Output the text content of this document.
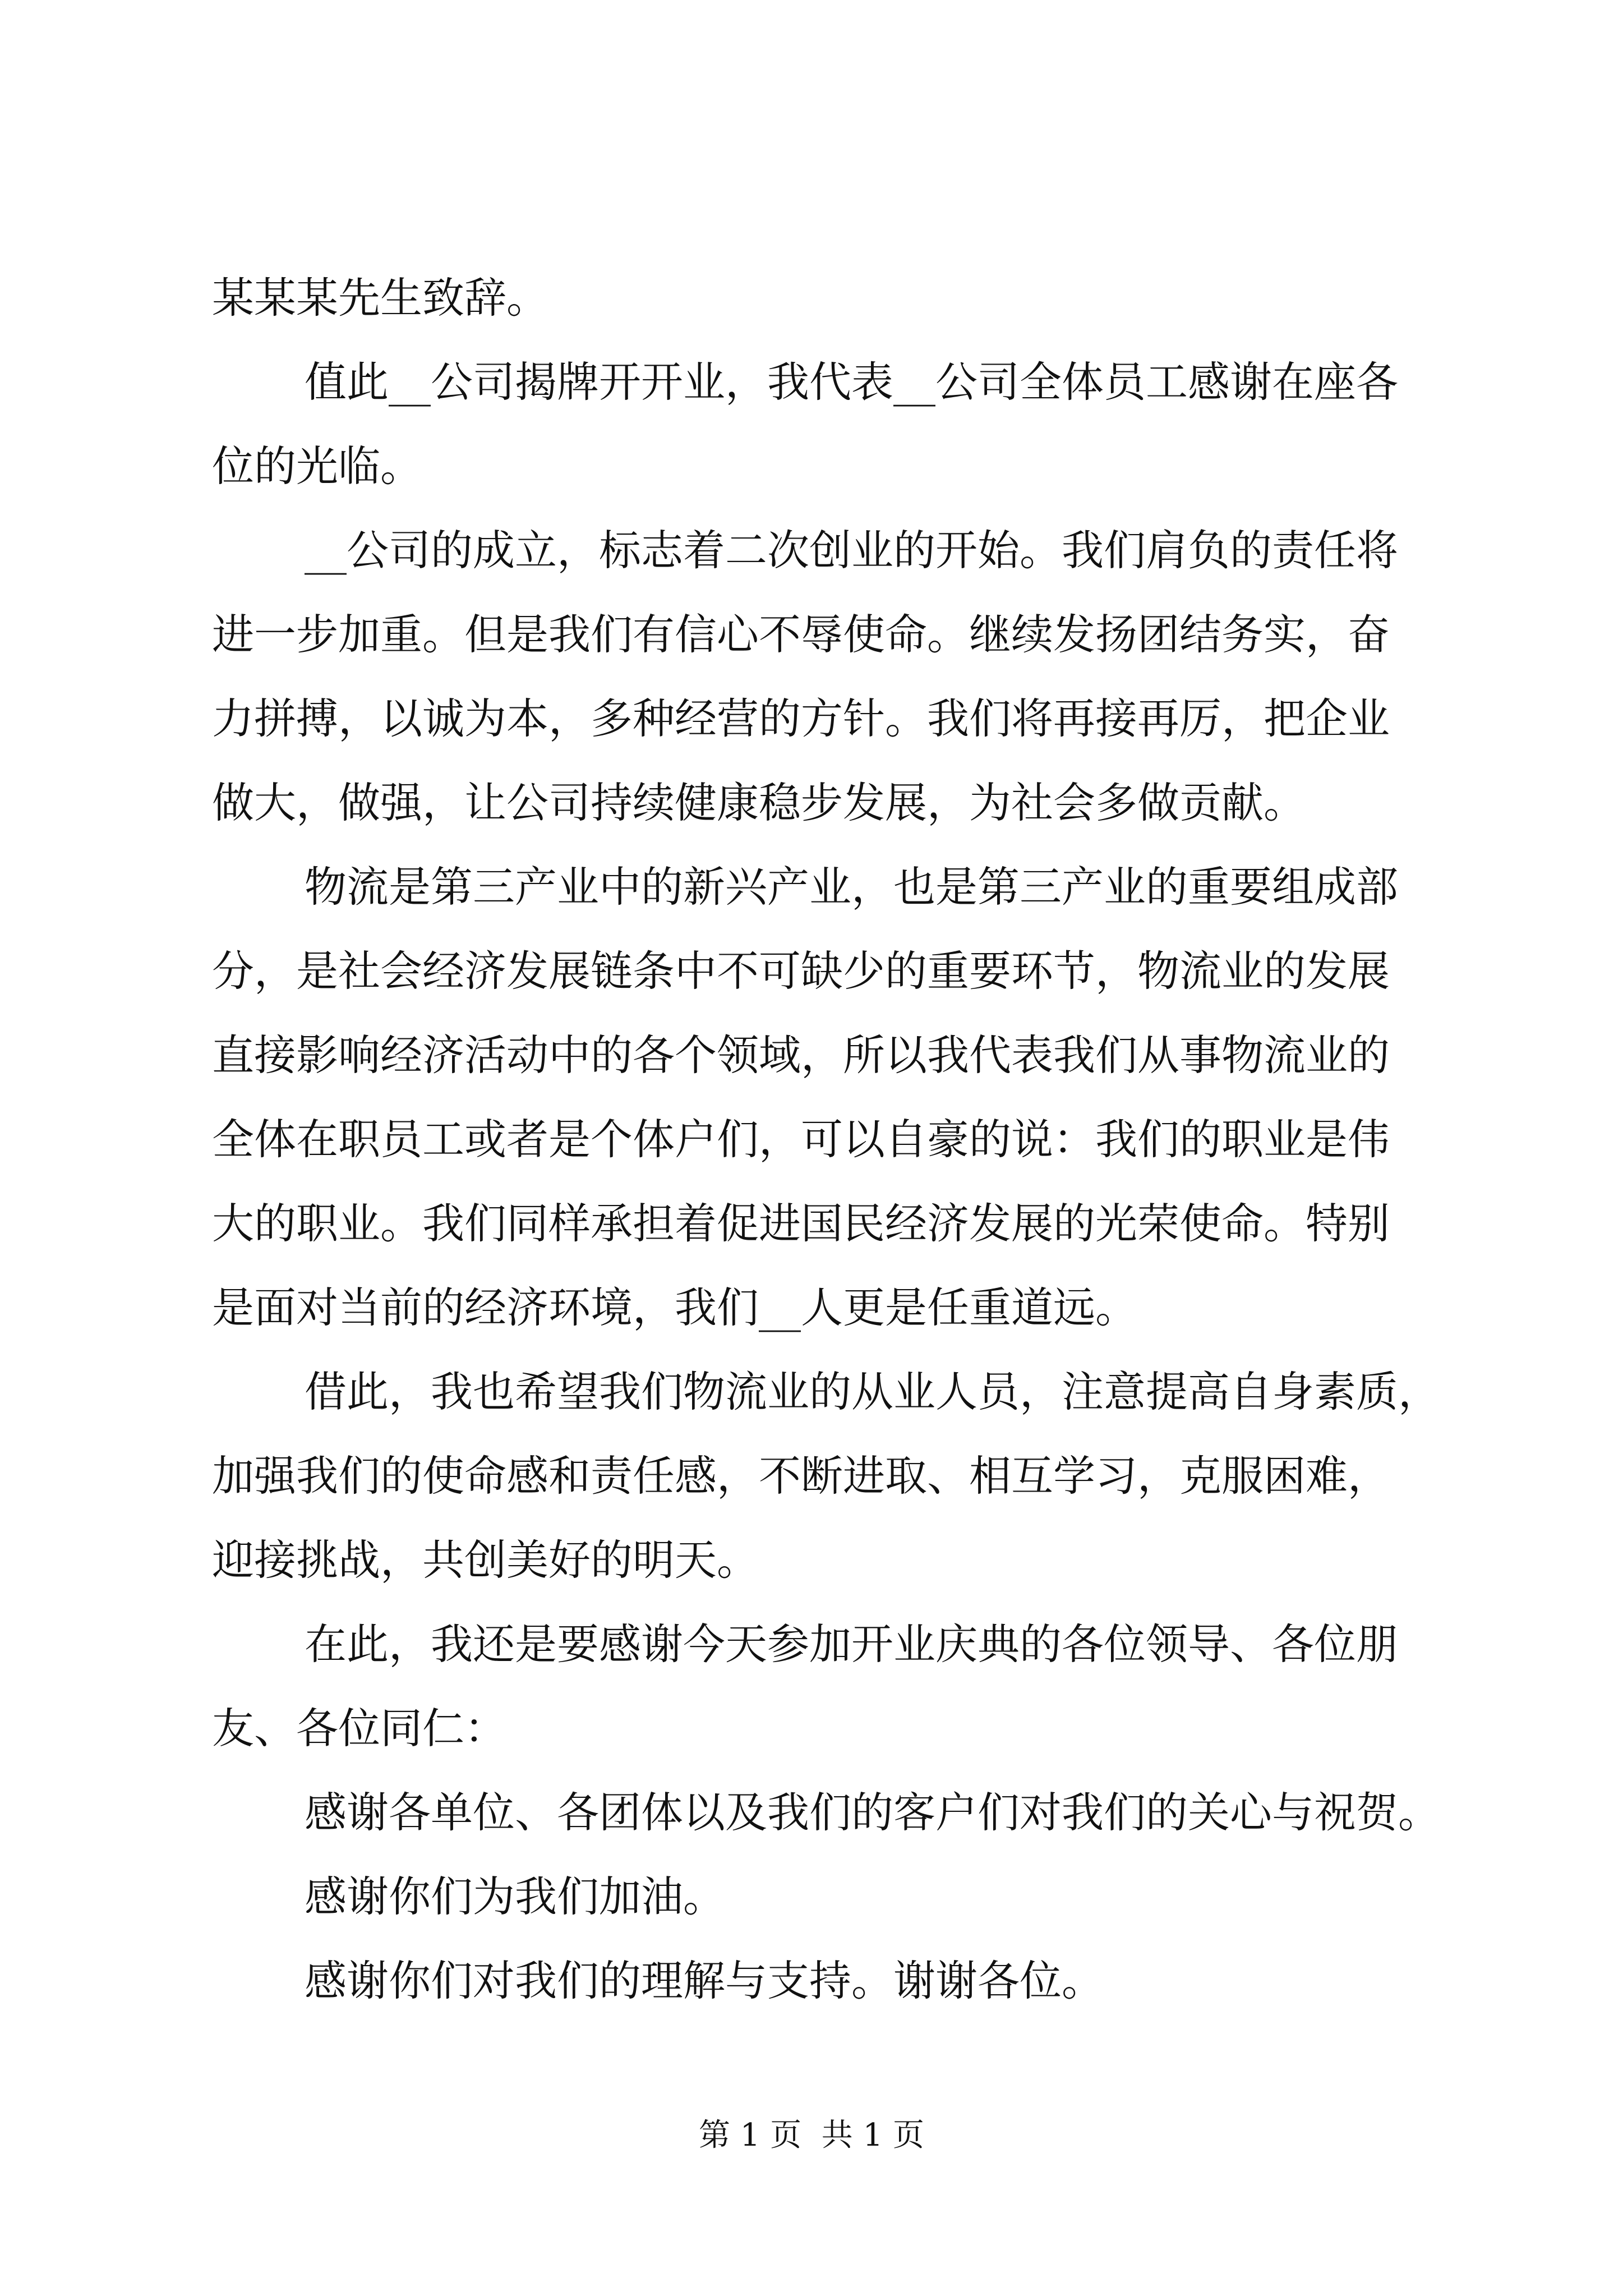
某某某先生致辞。
值此__公司揭牌开开业，我代表__公司全体员工感谢在座各
位的光临。
__公司的成立，标志着二次创业的开始。我们肩负的责任将
进一步加重。但是我们有信心不辱使命。继续发扬团结务实，奋
力拼搏，以诚为本，多种经营的方针。我们将再接再厉，把企业
做大，做强，让公司持续健康稳步发展，为社会多做贡献。
物流是第三产业中的新兴产业，也是第三产业的重要组成部
分，是社会经济发展链条中不可缺少的重要环节，物流业的发展
直接影响经济活动中的各个领域，所以我代表我们从事物流业的
全体在职员工或者是个体户们，可以自豪的说：我们的职业是伟
大的职业。我们同样承担着促进国民经济发展的光荣使命。特别
是面对当前的经济环境，我们__人更是任重道远。
借此，我也希望我们物流业的从业人员，注意提高自身素质，
加强我们的使命感和责任感，不断进取、相互学习，克服困难，
迎接挑战，共创美好的明天。
在此，我还是要感谢今天参加开业庆典的各位领导、各位朋
友、各位同仁：
感谢各单位、各团体以及我们的客户们对我们的关心与祝贺。
感谢你们为我们加油。
感谢你们对我们的理解与支持。谢谢各位。
第 1 页  共 1 页
